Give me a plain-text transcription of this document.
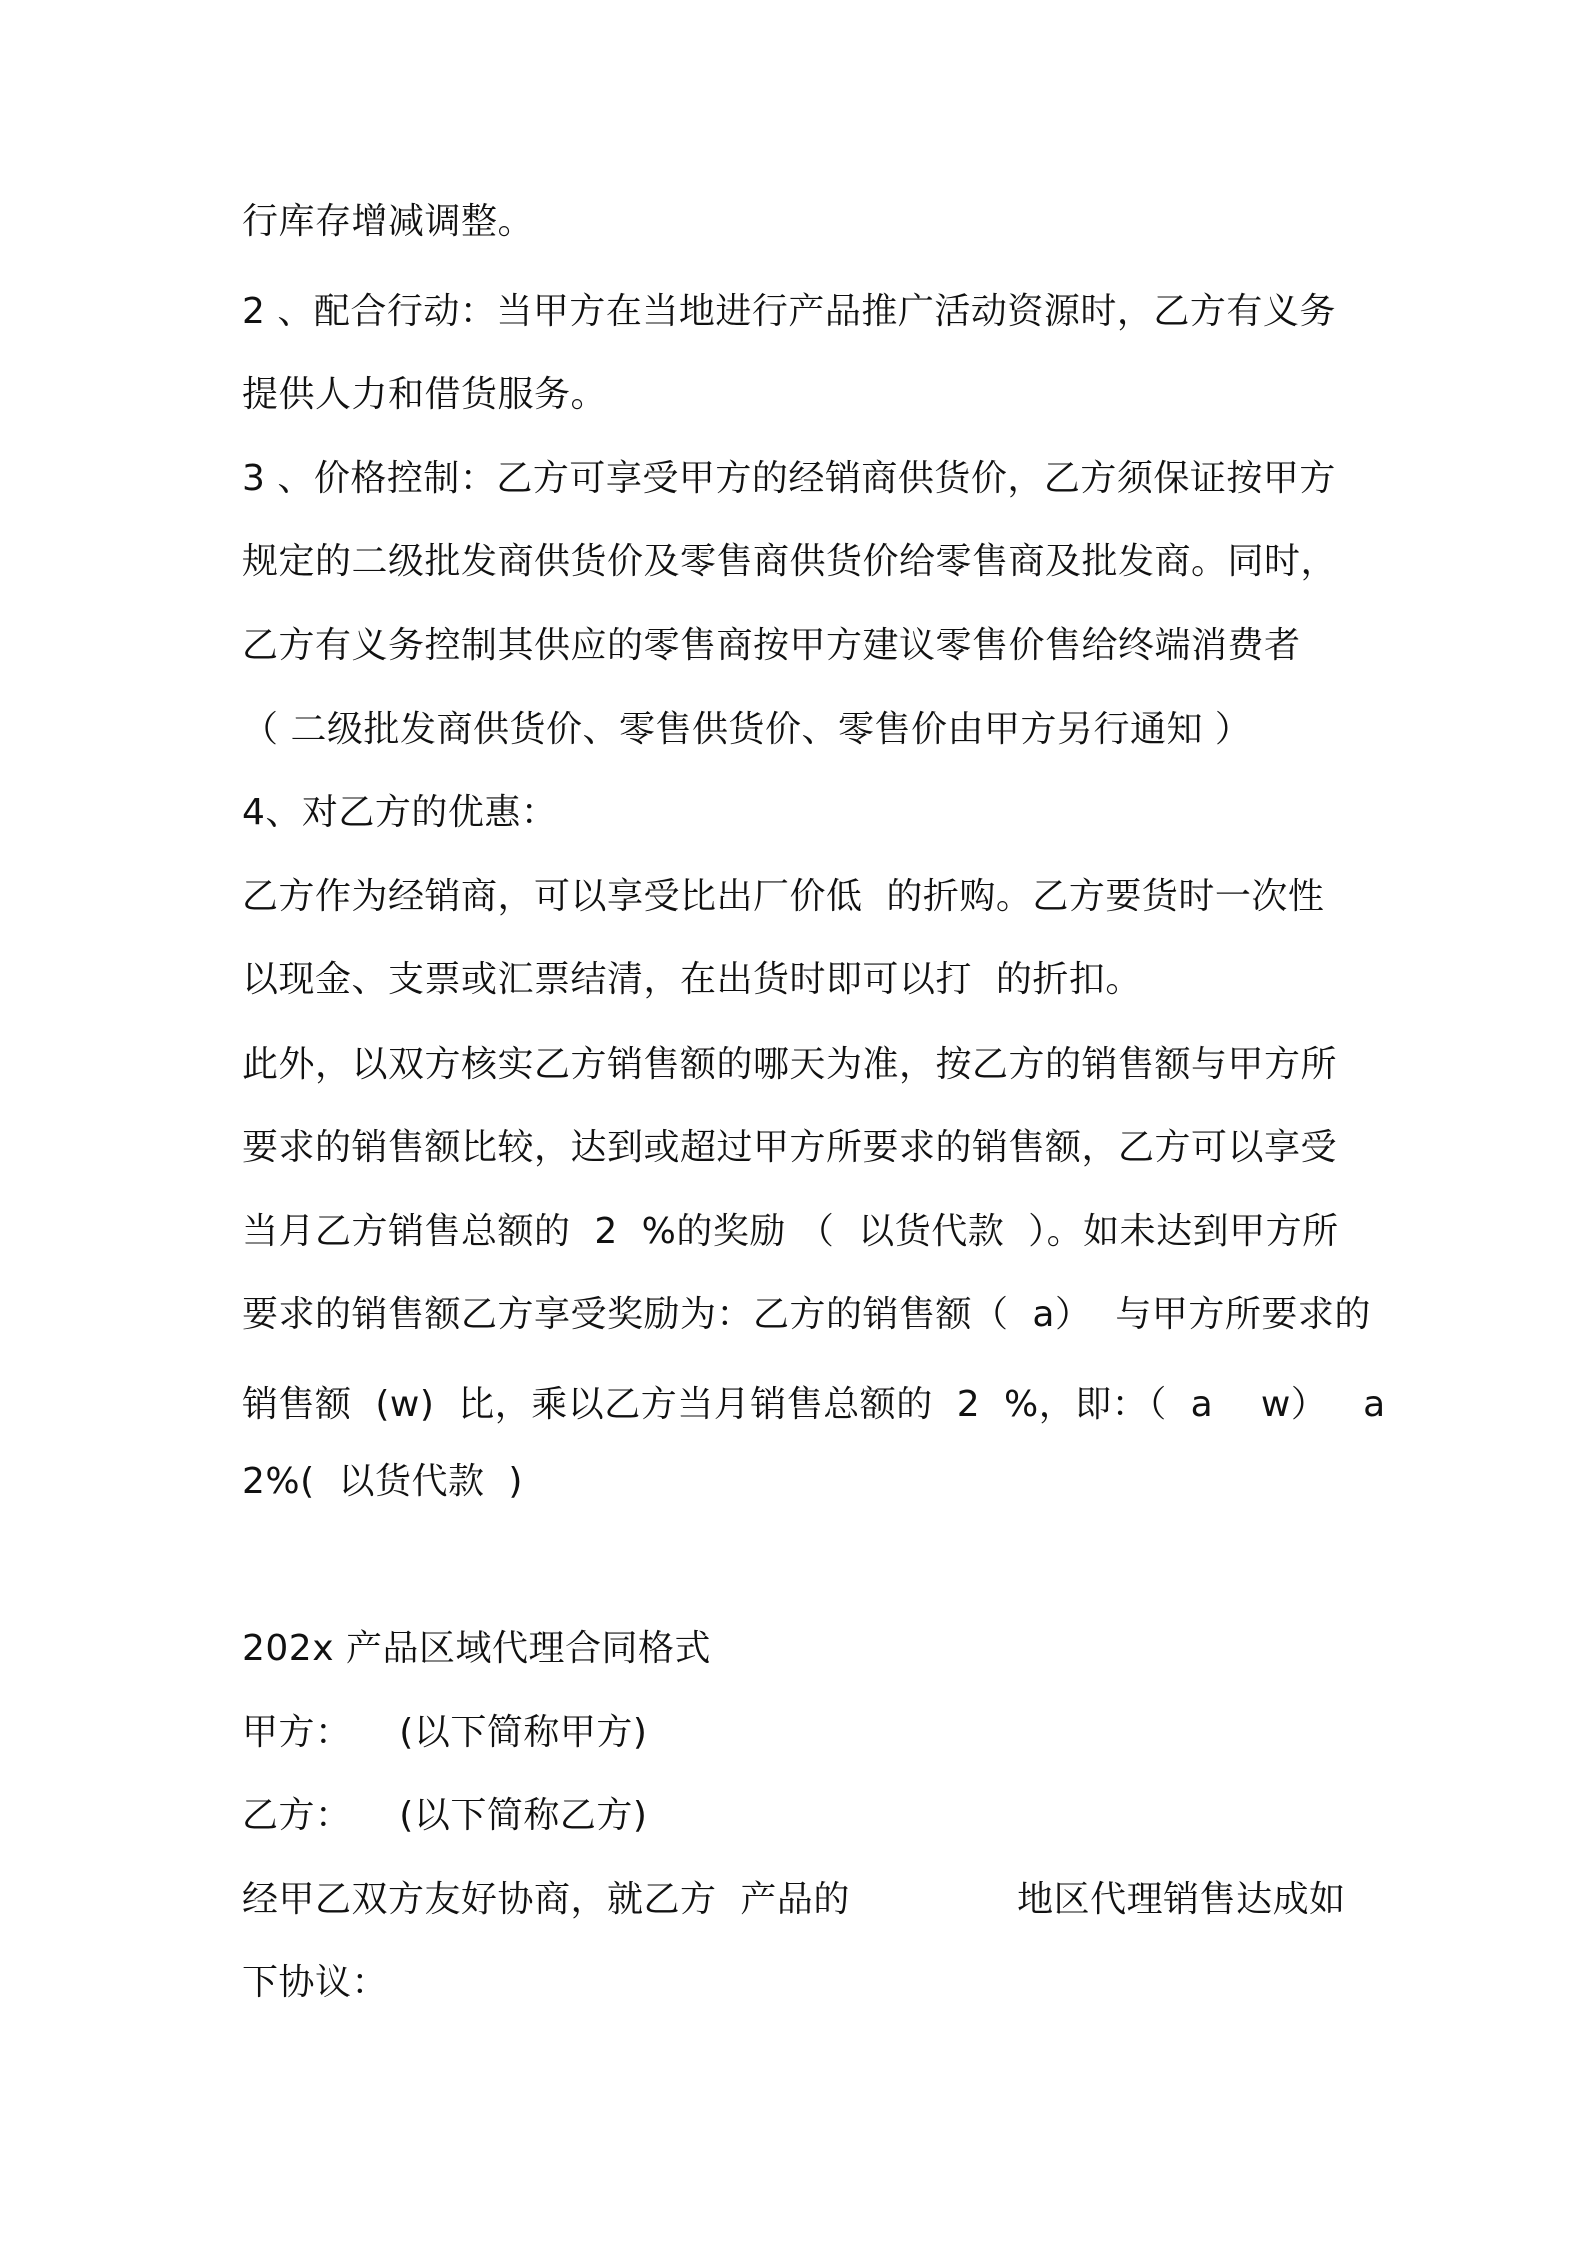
行库存增减调整。
2 、配合行动：当甲方在当地进行产品推广活动资源时，乙方有义务
提供人力和借货服务。
3 、价格控制：乙方可享受甲方的经销商供货价，乙方须保证按甲方
规定的二级批发商供货价及零售商供货价给零售商及批发商。同时，
乙方有义务控制其供应的零售商按甲方建议零售价售给终端消费者
（ 二级批发商供货价、零售供货价、零售价由甲方另行通知 ）
4、对乙方的优惠：
乙方作为经销商，可以享受比出厂价低  的折购。乙方要货时一次性
以现金、支票或汇票结清，在出货时即可以打  的折扣。
此外，以双方核实乙方销售额的哪天为准，按乙方的销售额与甲方所
要求的销售额比较，达到或超过甲方所要求的销售额，乙方可以享受
当月乙方销售总额的  2  %的奖励 （  以货代款  ）。如未达到甲方所
要求的销售额乙方享受奖励为：乙方的销售额（  a）  与甲方所要求的
销售额  (w)  比，乘以乙方当月销售总额的  2  %，即：（  a    w）   a
2%(  以货代款  )
202x 产品区域代理合同格式
甲方：    (以下简称甲方)
乙方：    (以下简称乙方)
经甲乙双方友好协商，就乙方  产品的              地区代理销售达成如
下协议：
